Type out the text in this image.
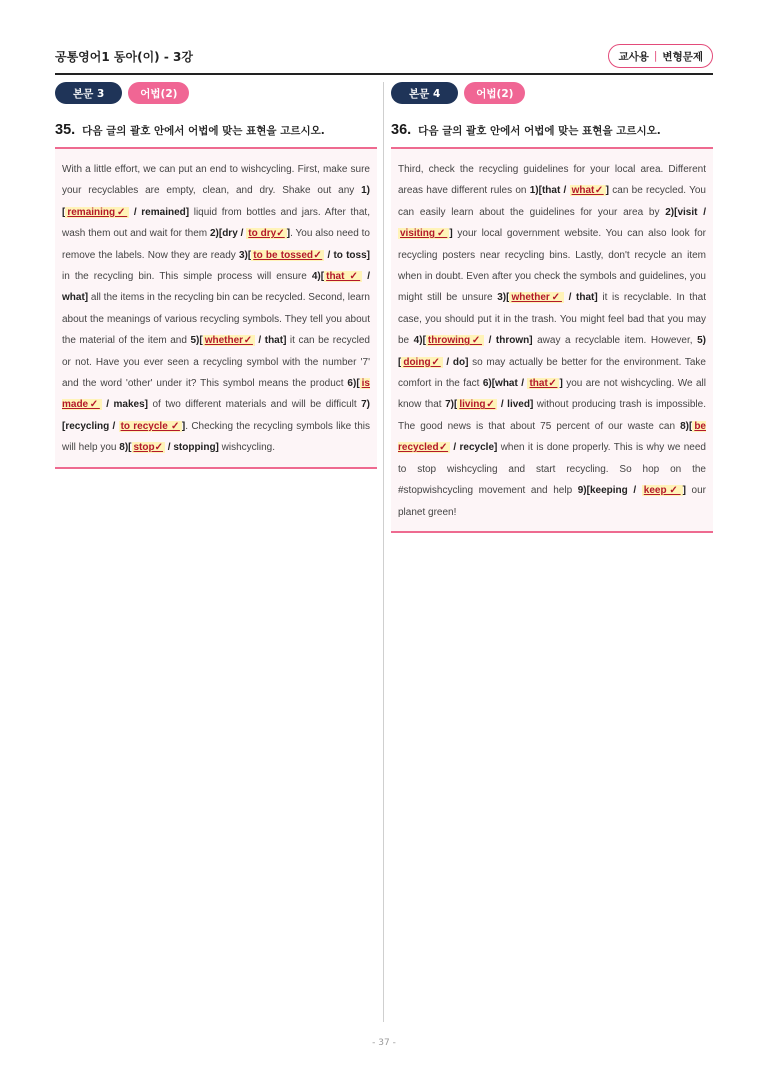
공통영어1 동아(이) - 3강	교사용 | 변형문제
본문 3	어법(2)
35. 다음 글의 괄호 안에서 어법에 맞는 표현을 고르시오.

With a little effort, we can put an end to wishcycling. First, make sure your recyclables are empty, clean, and dry. Shake out any 1)[ remaining✓ / remained] liquid from bottles and jars. After that, wash them out and wait for them 2)[dry / to dry✓ ]. You also need to remove the labels. Now they are ready 3)[ to be tossed✓ / to toss] in the recycling bin. This simple process will ensure 4)[ that ✓ / what] all the items in the recycling bin can be recycled. Second, learn about the meanings of various recycling symbols. They tell you about the material of the item and 5)[ whether✓ / that] it can be recycled or not. Have you ever seen a recycling symbol with the number '7' and the word 'other' under it? This symbol means the product 6)[ is made✓ / makes] of two different materials and will be difficult 7)[recycling / to recycle ✓ ]. Checking the recycling symbols like this will help you 8)[ stop✓ / stopping] wishcycling.

본문 4	어법(2)
36. 다음 글의 괄호 안에서 어법에 맞는 표현을 고르시오.

Third, check the recycling guidelines for your local area. Different areas have different rules on 1)[that / what✓ ] can be recycled. You can easily learn about the guidelines for your area by 2)[visit / visiting✓ ] your local government website. You can also look for recycling posters near recycling bins. Lastly, don't recycle an item when in doubt. Even after you check the symbols and guidelines, you might still be unsure 3)[ whether✓ / that] it is recyclable. In that case, you should put it in the trash. You might feel bad that you may be 4)[ throwing✓ / thrown] away a recyclable item. However, 5)[ doing✓ / do] so may actually be better for the environment. Take comfort in the fact 6)[what / that✓ ] you are not wishcycling. We all know that 7)[ living✓ / lived] without producing trash is impossible. The good news is that about 75 percent of our waste can 8)[ be recycled✓ / recycle] when it is done properly. This is why we need to stop wishcycling and start recycling. So hop on the #stopwishcycling movement and help 9)[keeping / keep✓ ] our planet green!

- 37 -
